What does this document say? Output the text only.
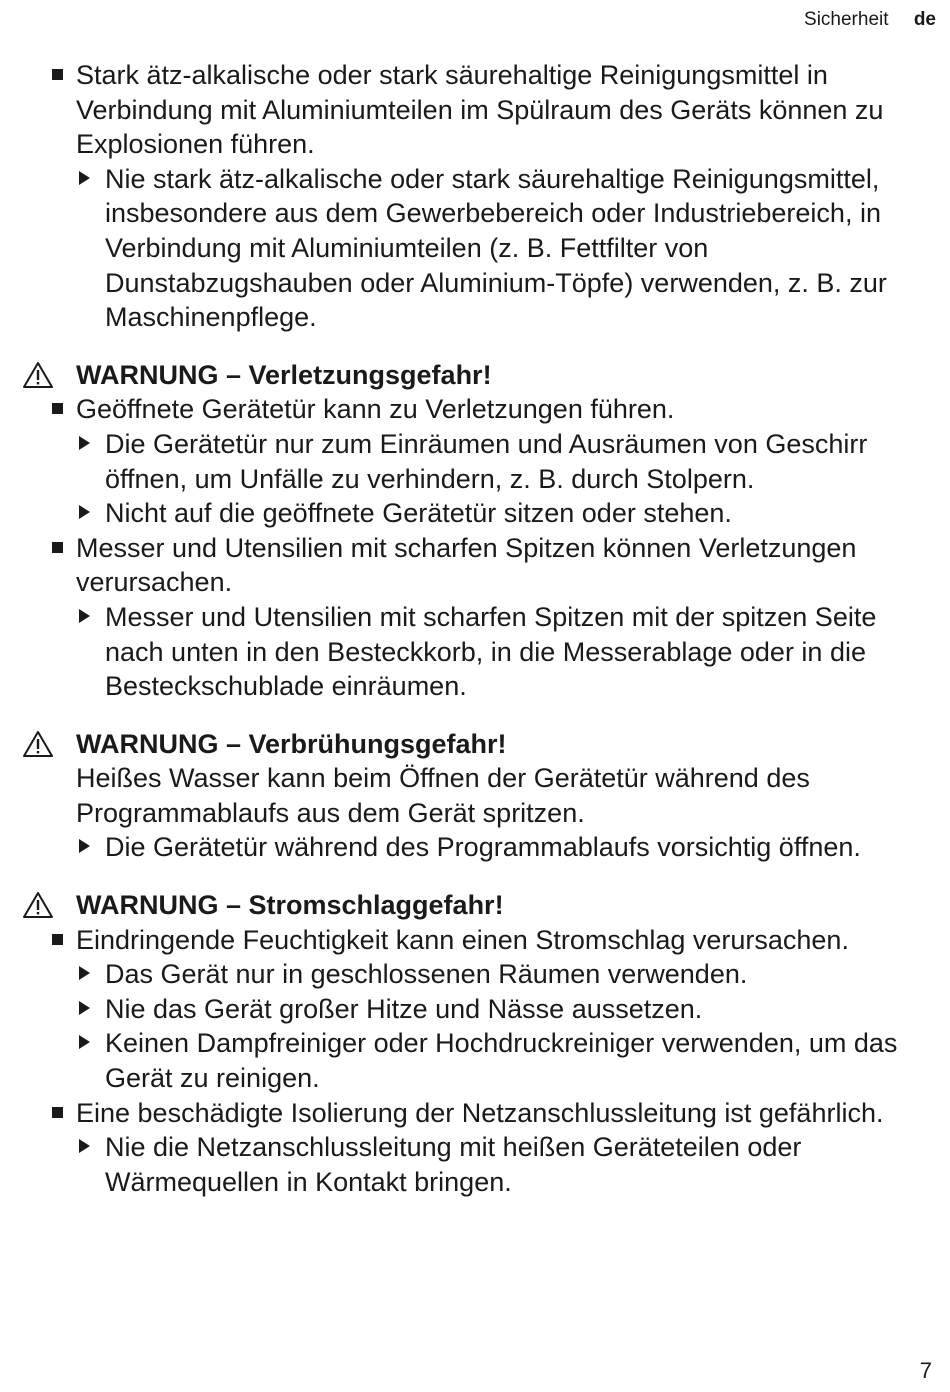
Sicherheit de
Stark ätz-alkalische oder stark säurehaltige Reinigungsmittel in Verbindung mit Aluminiumteilen im Spülraum des Geräts können zu Explosionen führen.
Nie stark ätz-alkalische oder stark säurehaltige Reinigungsmittel, insbesondere aus dem Gewerbebereich oder Industriebereich, in Verbindung mit Aluminiumteilen (z. B. Fettfilter von Dunstabzugshauben oder Aluminium-Töpfe) verwenden, z. B. zur Maschinenpflege.
WARNUNG – Verletzungsgefahr!
Geöffnete Gerätetür kann zu Verletzungen führen.
Die Gerätetür nur zum Einräumen und Ausräumen von Geschirr öffnen, um Unfälle zu verhindern, z. B. durch Stolpern.
Nicht auf die geöffnete Gerätetür sitzen oder stehen.
Messer und Utensilien mit scharfen Spitzen können Verletzungen verursachen.
Messer und Utensilien mit scharfen Spitzen mit der spitzen Seite nach unten in den Besteckkorb, in die Messerablage oder in die Besteckschublade einräumen.
WARNUNG – Verbrühungsgefahr!
Heißes Wasser kann beim Öffnen der Gerätetür während des Programmablaufs aus dem Gerät spritzen.
Die Gerätetür während des Programmablaufs vorsichtig öffnen.
WARNUNG – Stromschlaggefahr!
Eindringende Feuchtigkeit kann einen Stromschlag verursachen.
Das Gerät nur in geschlossenen Räumen verwenden.
Nie das Gerät großer Hitze und Nässe aussetzen.
Keinen Dampfreiniger oder Hochdruckreiniger verwenden, um das Gerät zu reinigen.
Eine beschädigte Isolierung der Netzanschlussleitung ist gefährlich.
Nie die Netzanschlussleitung mit heißen Geräteteilen oder Wärmequellen in Kontakt bringen.
7
